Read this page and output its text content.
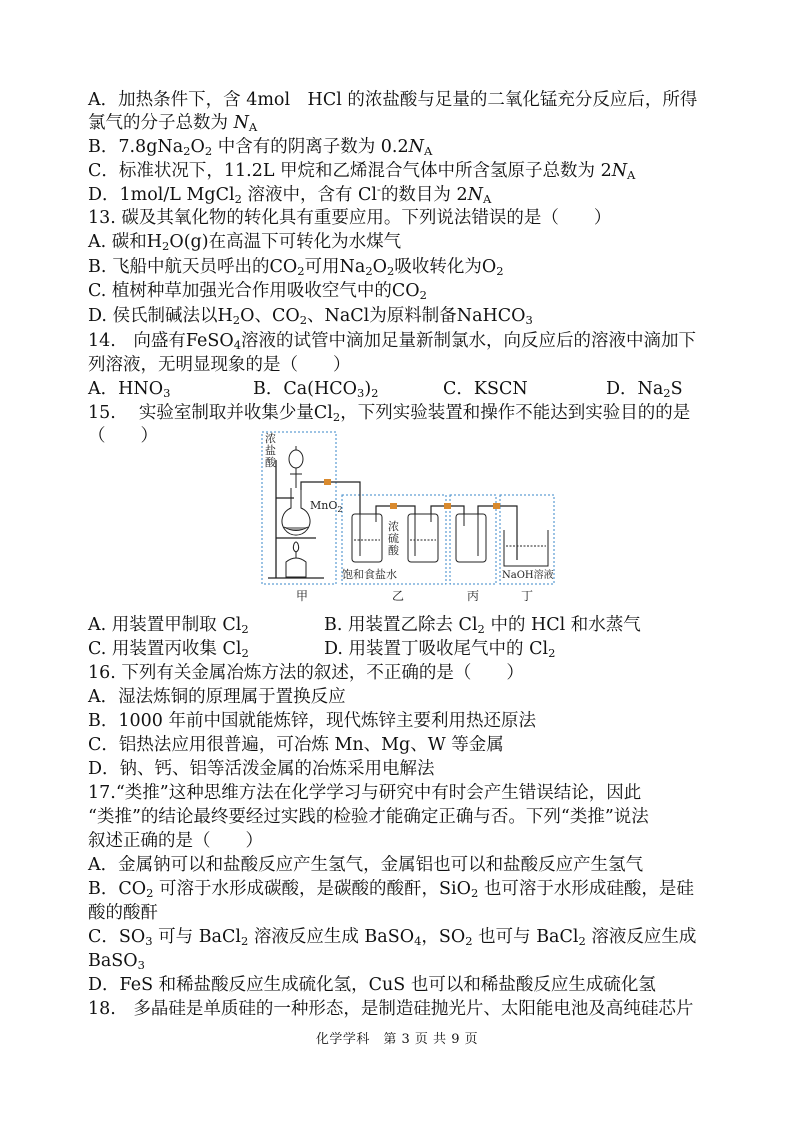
A．加热条件下，含 4mol　HCl 的浓盐酸与足量的二氧化锰充分反应后，所得
氯气的分子总数为 $N_A$
B．$7.8gNa_2O_2$ 中含有的阴离子数为 $0.2N_A$
C．标准状况下，11.2L 甲烷和乙烯混合气体中所含氢原子总数为 $2N_A$
D．1mol/L MgCl$_2$ 溶液中，含有 Cl-的数目为 $2N_A$
13. 碳及其氧化物的转化具有重要应用。下列说法错误的是（　　）
A. 碳和$H_2O(g)$在高温下可转化为水煤气
B. 飞船中航天员呼出的$CO_2$可用$Na_2O_2$吸收转化为$O_2$
C. 植树种草加强光合作用吸收空气中的$CO_2$
D. 侯氏制碱法以$H_2O$、$CO_2$、NaCl为原料制备NaHCO$_3$
14.　向盛有FeSO$_4$溶液的试管中滴加足量新制氯水，向反应后的溶液中滴加下
列溶液，无明显现象的是（　　）
A．$HNO_3$	B．$Ca(HCO_3)_2$	C．KSCN	D．$Na_2S$
15.　 实验室制取并收集少量$Cl_2$，下列实验装置和操作不能达到实验目的的是
（　　）	浓
盐
酸
MnO$_2$
浓
硫
酸
饱和食盐水	NaOH溶液
甲	乙	丙	丁
A. 用装置甲制取 $Cl_2$	B. 用装置乙除去 $Cl_2$ 中的 HCl 和水蒸气
C. 用装置丙收集 $Cl_2$	D. 用装置丁吸收尾气中的 $Cl_2$
16. 下列有关金属冶炼方法的叙述，不正确的是（　　）
A．湿法炼铜的原理属于置换反应
B．1000 年前中国就能炼锌，现代炼锌主要利用热还原法
C．铝热法应用很普遍，可冶炼 Mn、Mg、W 等金属
D．钠、钙、铝等活泼金属的冶炼采用电解法
17.“类推”这种思维方法在化学学习与研究中有时会产生错误结论，因此
“类推”的结论最终要经过实践的检验才能确定正确与否。下列“类推”说法
叙述正确的是（　　）
A．金属钠可以和盐酸反应产生氢气，金属铝也可以和盐酸反应产生氢气
B．$CO_2$ 可溶于水形成碳酸，是碳酸的酸酐，SiO$_2$ 也可溶于水形成硅酸，是硅
酸的酸酐
C．$SO_3$ 可与 BaCl$_2$ 溶液反应生成 BaSO$_4$，$SO_2$ 也可与 BaCl$_2$ 溶液反应生成
BaSO$_3$
D．FeS 和稀盐酸反应生成硫化氢，CuS 也可以和稀盐酸反应生成硫化氢
18.　多晶硅是单质硅的一种形态，是制造硅抛光片、太阳能电池及高纯硅芯片
化学学科　第 3 页 共 9 页
